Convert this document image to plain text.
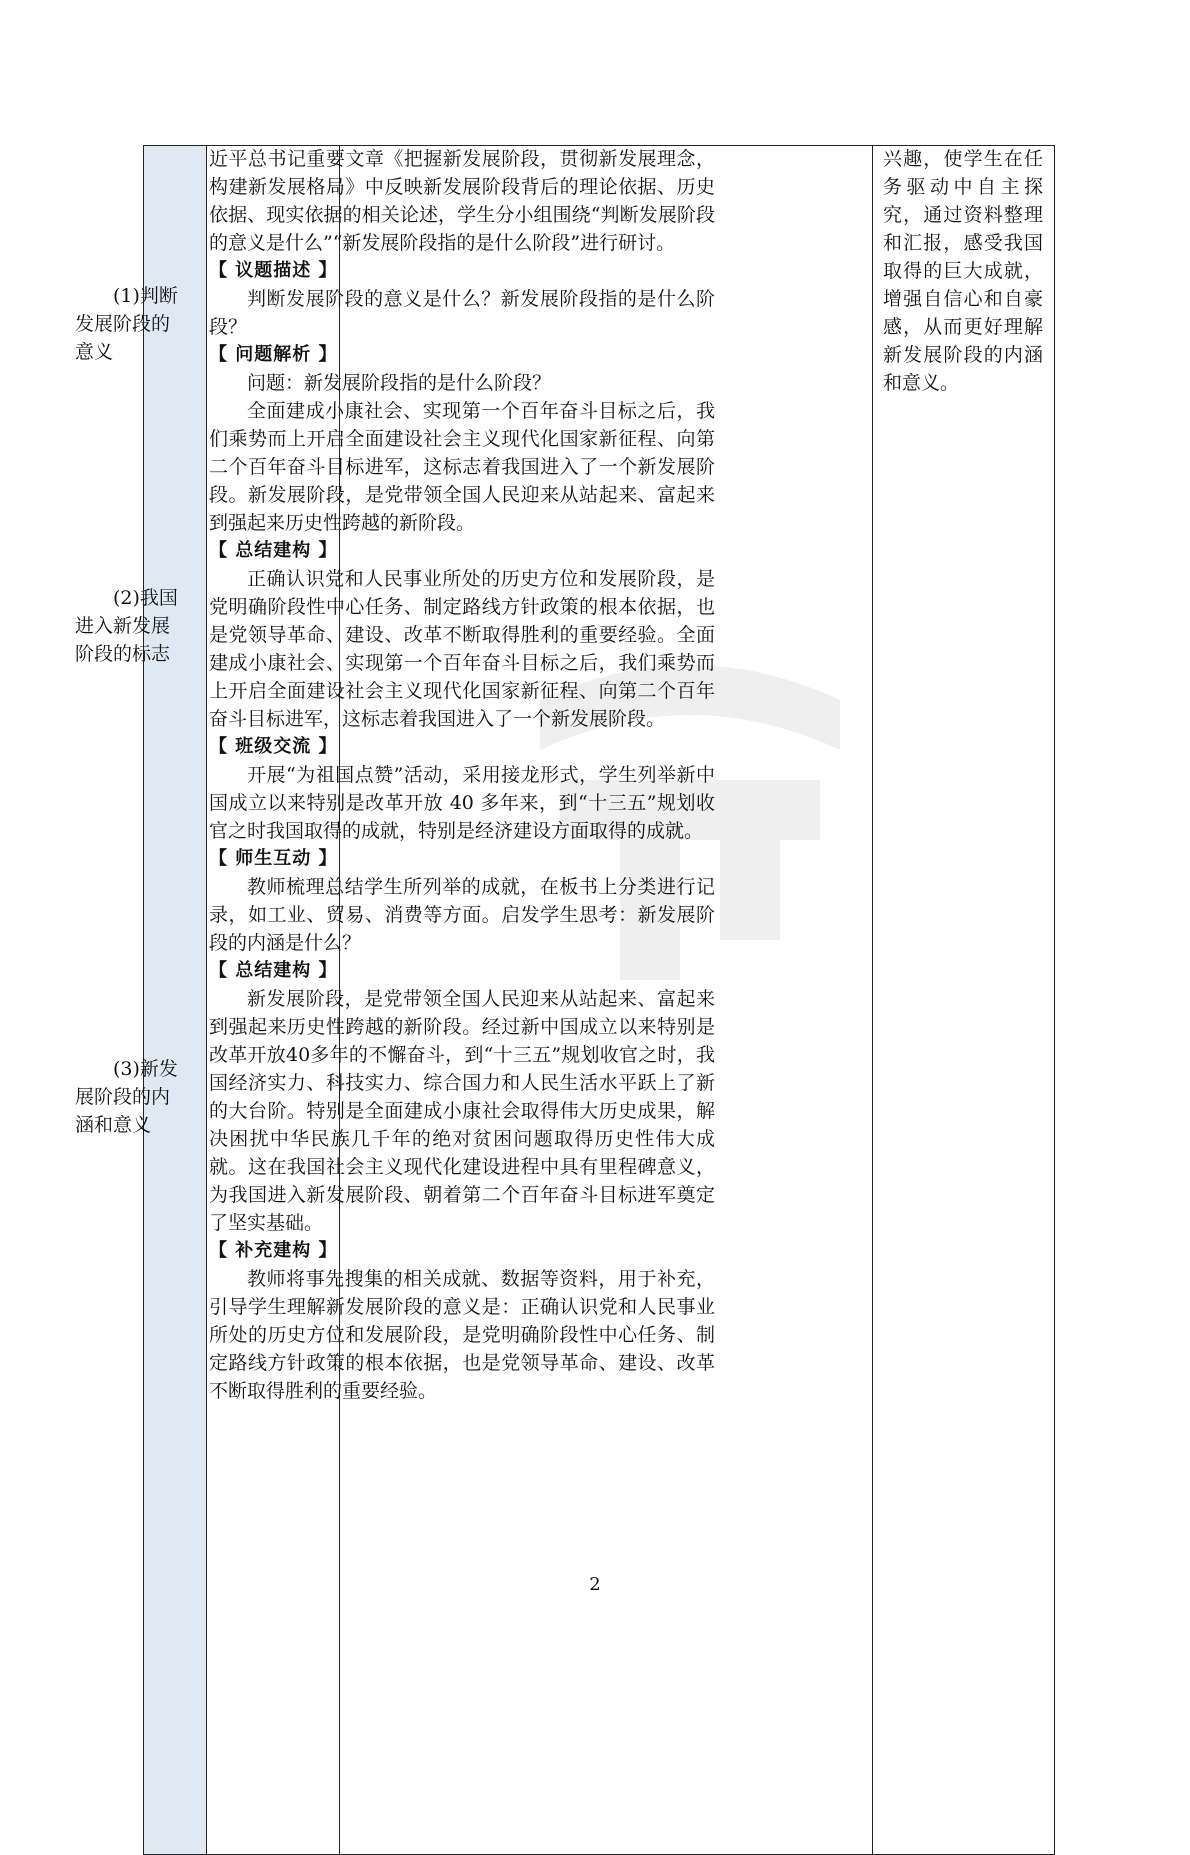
(1)判断

发展阶段的

意义

(2)我国

进入新发展

阶段的标志

(3)新发

展阶段的内

涵和意义

近平总书记重要文章《把握新发展阶段，贯彻新发展理念，构建新发展格局》中反映新发展阶段背后的理论依据、历史依据、现实依据的相关论述，学生分小组围绕“判断发展阶段的意义是什么”“新发展阶段指的是什么阶段”进行研讨。

【 议题描述 】

判断发展阶段的意义是什么？新发展阶段指的是什么阶段？

【 问题解析 】

问题：新发展阶段指的是什么阶段？

全面建成小康社会、实现第一个百年奋斗目标之后，我们乘势而上开启全面建设社会主义现代化国家新征程、向第二个百年奋斗目标进军，这标志着我国进入了一个新发展阶段。新发展阶段，是党带领全国人民迎来从站起来、富起来到强起来历史性跨越的新阶段。

【 总结建构 】

正确认识党和人民事业所处的历史方位和发展阶段，是党明确阶段性中心任务、制定路线方针政策的根本依据，也是党领导革命、建设、改革不断取得胜利的重要经验。全面建成小康社会、实现第一个百年奋斗目标之后，我们乘势而上开启全面建设社会主义现代化国家新征程、向第二个百年奋斗目标进军，这标志着我国进入了一个新发展阶段。

【 班级交流 】

开展“为祖国点赞”活动，采用接龙形式，学生列举新中国成立以来特别是改革开放 40 多年来，到“十三五”规划收官之时我国取得的成就，特别是经济建设方面取得的成就。

【 师生互动 】

教师梳理总结学生所列举的成就，在板书上分类进行记录，如工业、贸易、消费等方面。启发学生思考：新发展阶段的内涵是什么？

【 总结建构 】

新发展阶段，是党带领全国人民迎来从站起来、富起来到强起来历史性跨越的新阶段。经过新中国成立以来特别是改革开放40多年的不懈奋斗，到“十三五”规划收官之时，我国经济实力、科技实力、综合国力和人民生活水平跃上了新的大台阶。特别是全面建成小康社会取得伟大历史成果，解决困扰中华民族几千年的绝对贫困问题取得历史性伟大成就。这在我国社会主义现代化建设进程中具有里程碑意义，为我国进入新发展阶段、朝着第二个百年奋斗目标进军奠定了坚实基础。

【 补充建构 】

教师将事先搜集的相关成就、数据等资料，用于补充，引导学生理解新发展阶段的意义是：正确认识党和人民事业所处的历史方位和发展阶段，是党明确阶段性中心任务、制定路线方针政策的根本依据，也是党领导革命、建设、改革不断取得胜利的重要经验。

兴趣，使学生在任务驱动中自主探究，通过资料整理和汇报，感受我国取得的巨大成就，增强自信心和自豪感，从而更好理解新发展阶段的内涵和意义。

2
